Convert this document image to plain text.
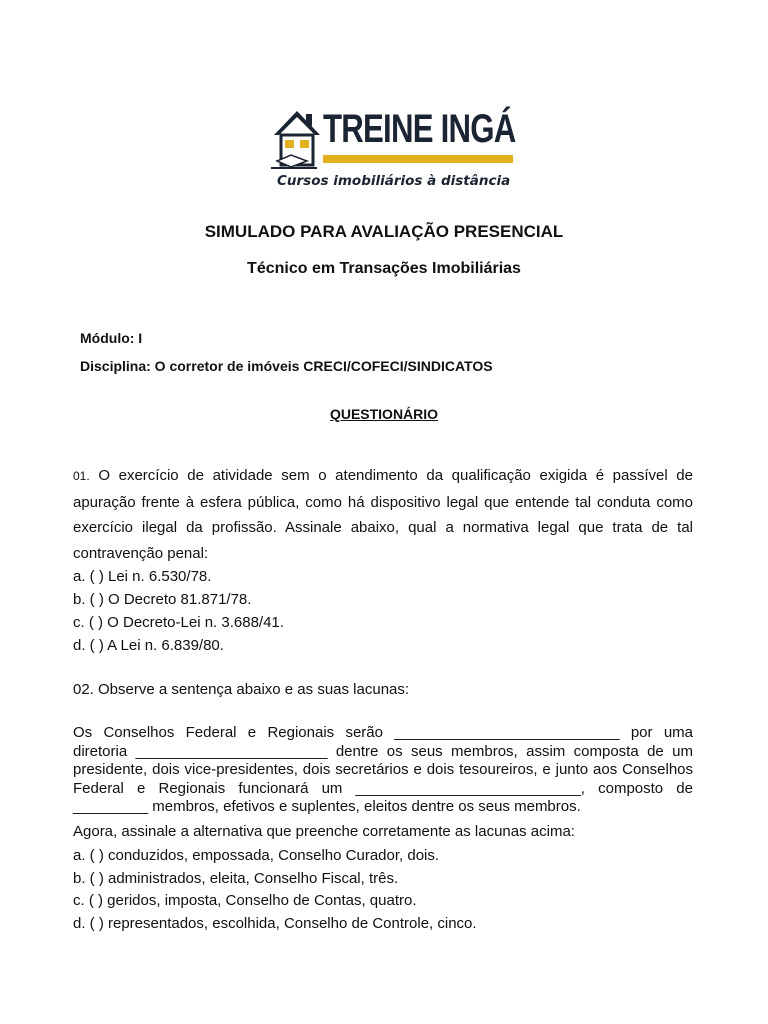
TREINE INGÁ
Cursos imobiliários à distância
SIMULADO PARA AVALIAÇÃO PRESENCIAL
Técnico em Transações Imobiliárias
Módulo: I
Disciplina: O corretor de imóveis CRECI/COFECI/SINDICATOS
QUESTIONÁRIO
01. O exercício de atividade sem o atendimento da qualificação exigida é passível de apuração frente à esfera pública, como há dispositivo legal que entende tal conduta como exercício ilegal da profissão. Assinale abaixo, qual a normativa legal que trata de tal contravenção penal:
a. ( ) Lei n. 6.530/78.
b. ( ) O Decreto 81.871/78.
c. ( ) O Decreto-Lei n. 3.688/41.
d. ( ) A Lei n. 6.839/80.
02. Observe a sentença abaixo e as suas lacunas:
Os Conselhos Federal e Regionais serão ___________________________ por uma diretoria _______________________ dentre os seus membros, assim composta de um presidente, dois vice-presidentes, dois secretários e dois tesoureiros, e junto aos Conselhos Federal e Regionais funcionará um ___________________________, composto de _________ membros, efetivos e suplentes, eleitos dentre os seus membros.
Agora, assinale a alternativa que preenche corretamente as lacunas acima:
a. ( ) conduzidos, empossada, Conselho Curador, dois.
b. ( ) administrados, eleita, Conselho Fiscal, três.
c. ( ) geridos, imposta, Conselho de Contas, quatro.
d. ( ) representados, escolhida, Conselho de Controle, cinco.
